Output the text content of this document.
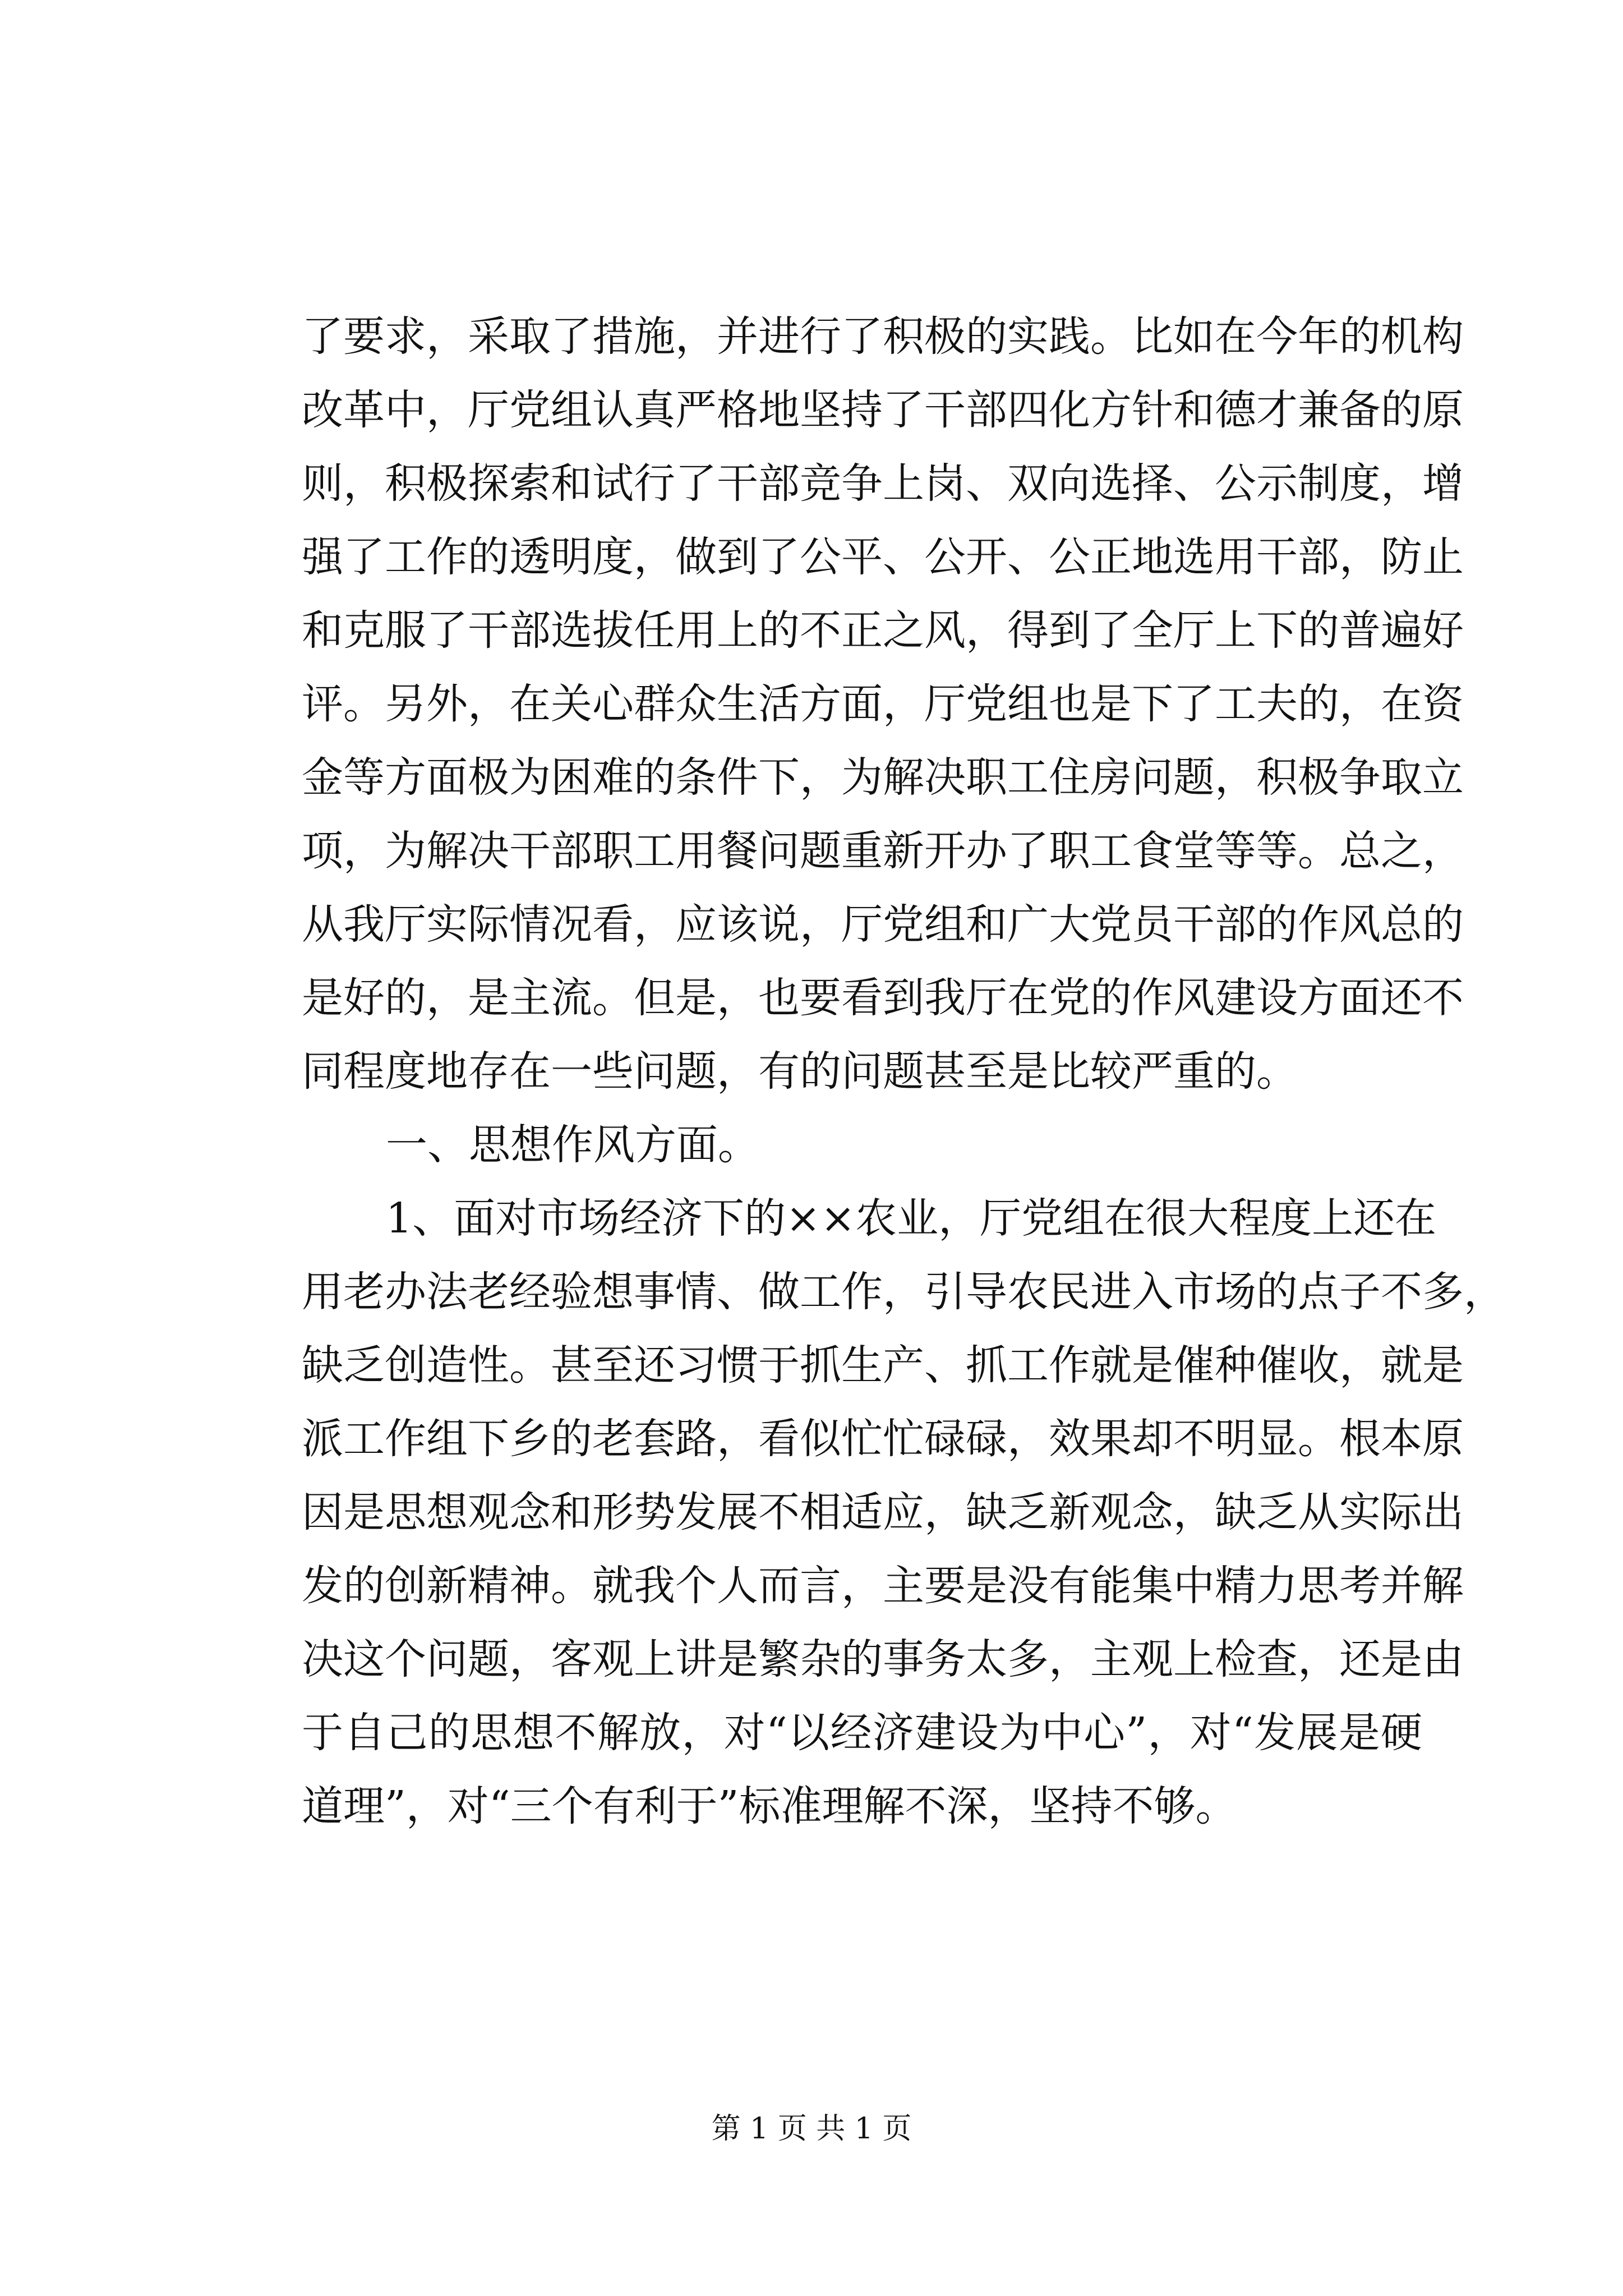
了要求，采取了措施，并进行了积极的实践。比如在今年的机构
改革中，厅党组认真严格地坚持了干部四化方针和德才兼备的原
则，积极探索和试行了干部竞争上岗、双向选择、公示制度，增
强了工作的透明度，做到了公平、公开、公正地选用干部，防止
和克服了干部选拔任用上的不正之风，得到了全厅上下的普遍好
评。另外，在关心群众生活方面，厅党组也是下了工夫的，在资
金等方面极为困难的条件下，为解决职工住房问题，积极争取立
项，为解决干部职工用餐问题重新开办了职工食堂等等。总之，
从我厅实际情况看，应该说，厅党组和广大党员干部的作风总的
是好的，是主流。但是，也要看到我厅在党的作风建设方面还不
同程度地存在一些问题，有的问题甚至是比较严重的。
一、思想作风方面。
1、面对市场经济下的××农业，厅党组在很大程度上还在
用老办法老经验想事情、做工作，引导农民进入市场的点子不多，
缺乏创造性。甚至还习惯于抓生产、抓工作就是催种催收，就是
派工作组下乡的老套路，看似忙忙碌碌，效果却不明显。根本原
因是思想观念和形势发展不相适应，缺乏新观念，缺乏从实际出
发的创新精神。就我个人而言，主要是没有能集中精力思考并解
决这个问题，客观上讲是繁杂的事务太多，主观上检查，还是由
于自己的思想不解放，对“以经济建设为中心”，对“发展是硬
道理”，对“三个有利于”标准理解不深，坚持不够。
第 1 页 共 1 页
